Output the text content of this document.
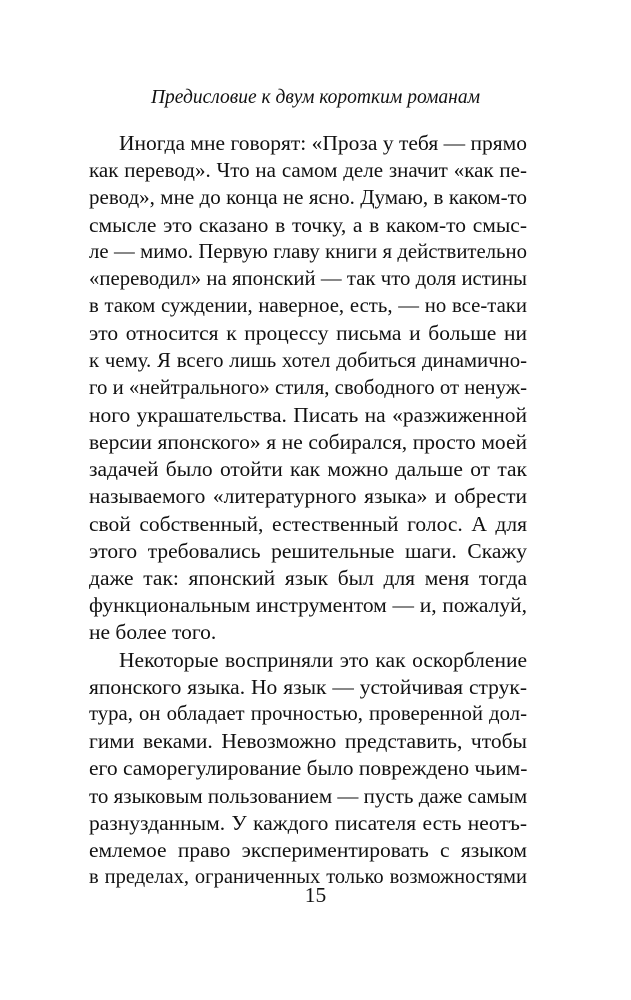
Предисловие к двум коротким романам
Иногда мне говорят: «Проза у тебя — прямо
как перевод». Что на самом деле значит «как пе-
ревод», мне до конца не ясно. Думаю, в каком-то
смысле это сказано в точку, а в каком-то смыс-
ле — мимо. Первую главу книги я действительно
«переводил» на японский — так что доля истины
в таком суждении, наверное, есть, — но все-таки
это относится к процессу письма и больше ни
к чему. Я всего лишь хотел добиться динамично-
го и «нейтрального» стиля, свободного от ненуж-
ного украшательства. Писать на «разжиженной
версии японского» я не собирался, просто моей
задачей было отойти как можно дальше от так
называемого «литературного языка» и обрести
свой собственный, естественный голос. А для
этого требовались решительные шаги. Скажу
даже так: японский язык был для меня тогда
функциональным инструментом — и, пожалуй,
не более того.
Некоторые восприняли это как оскорбление
японского языка. Но язык — устойчивая струк-
тура, он обладает прочностью, проверенной дол-
гими веками. Невозможно представить, чтобы
его саморегулирование было повреждено чьим-
то языковым пользованием — пусть даже самым
разнузданным. У каждого писателя есть неотъ-
емлемое право экспериментировать с языком
в пределах, ограниченных только возможностями
15
